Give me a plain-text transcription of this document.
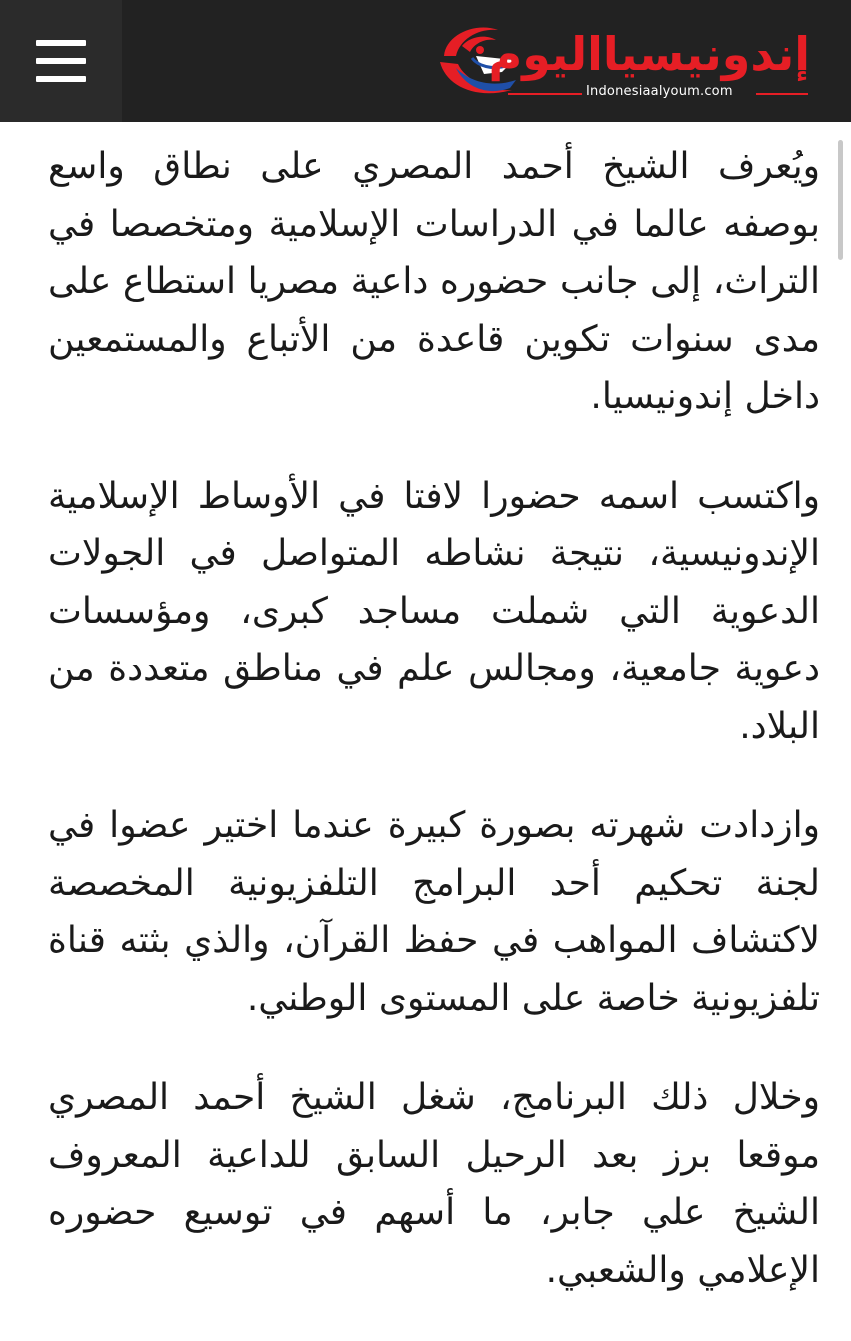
إندونيسيااليوم
Indonesiaalyoum.com

ويُعرف الشيخ أحمد المصري على نطاق واسع بوصفه عالما في الدراسات الإسلامية ومتخصصا في التراث، إلى جانب حضوره داعية مصريا استطاع على مدى سنوات تكوين قاعدة من الأتباع والمستمعين داخل إندونيسيا.

واكتسب اسمه حضورا لافتا في الأوساط الإسلامية الإندونيسية، نتيجة نشاطه المتواصل في الجولات الدعوية التي شملت مساجد كبرى، ومؤسسات دعوية جامعية، ومجالس علم في مناطق متعددة من البلاد.

وازدادت شهرته بصورة كبيرة عندما اختير عضوا في لجنة تحكيم أحد البرامج التلفزيونية المخصصة لاكتشاف المواهب في حفظ القرآن، والذي بثته قناة تلفزيونية خاصة على المستوى الوطني.

وخلال ذلك البرنامج، شغل الشيخ أحمد المصري موقعا برز بعد الرحيل السابق للداعية المعروف الشيخ علي جابر، ما أسهم في توسيع حضوره الإعلامي والشعبي.
